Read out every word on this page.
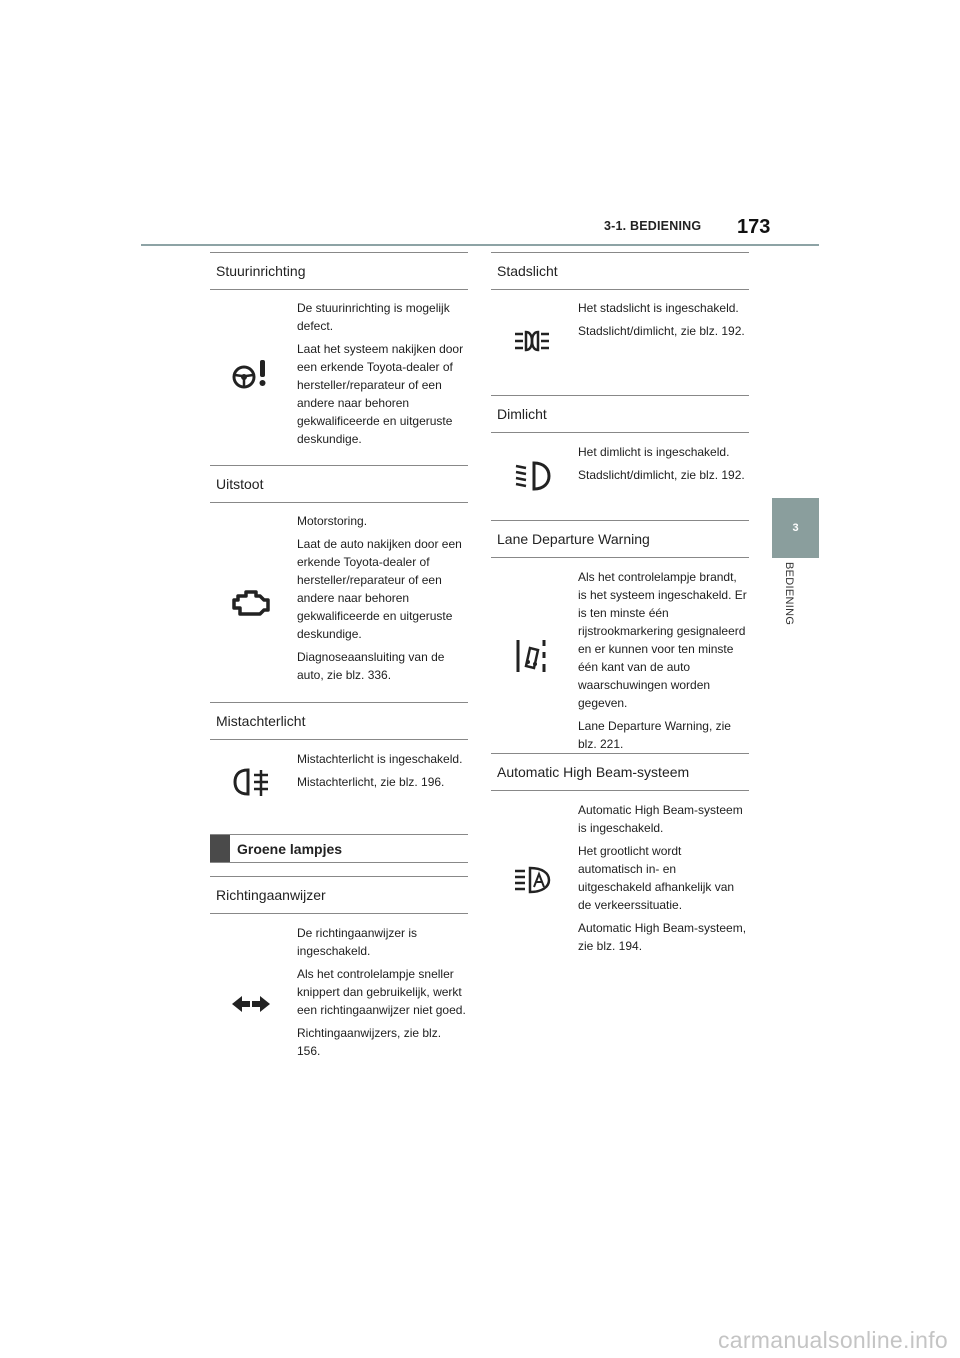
3-1. BEDIENING 173
3
BEDIENING
Stuurinrichting

De stuurinrichting is mogelijk defect.

Laat het systeem nakijken door een erkende Toyota-dealer of hersteller/reparateur of een andere naar behoren gekwalificeerde en uitgeruste deskundige.

Uitstoot

Motorstoring.

Laat de auto nakijken door een erkende Toyota-dealer of hersteller/reparateur of een andere naar behoren gekwalificeerde en uitgeruste deskundige.

Diagnoseaansluiting van de auto, zie blz. 336.

Mistachterlicht

Mistachterlicht is ingeschakeld.

Mistachterlicht, zie blz. 196.

Groene lampjes
Richtingaanwijzer

De richtingaanwijzer is ingeschakeld.

Als het controlelampje sneller knippert dan gebruikelijk, werkt een richtingaanwijzer niet goed.

Richtingaanwijzers, zie blz. 156.

Stadslicht

Het stadslicht is ingeschakeld.

Stadslicht/dimlicht, zie blz. 192.

Dimlicht

Het dimlicht is ingeschakeld.

Stadslicht/dimlicht, zie blz. 192.

Lane Departure Warning

Als het controlelampje brandt, is het systeem ingeschakeld. Er is ten minste één rijstrookmarkering gesignaleerd en er kunnen voor ten minste één kant van de auto waarschuwingen worden gegeven.

Lane Departure Warning, zie blz. 221.

Automatic High Beam-systeem

Automatic High Beam-systeem is ingeschakeld.

Het grootlicht wordt automatisch in- en uitgeschakeld afhankelijk van de verkeerssituatie.

Automatic High Beam-systeem, zie blz. 194.

carmanualsonline.info
